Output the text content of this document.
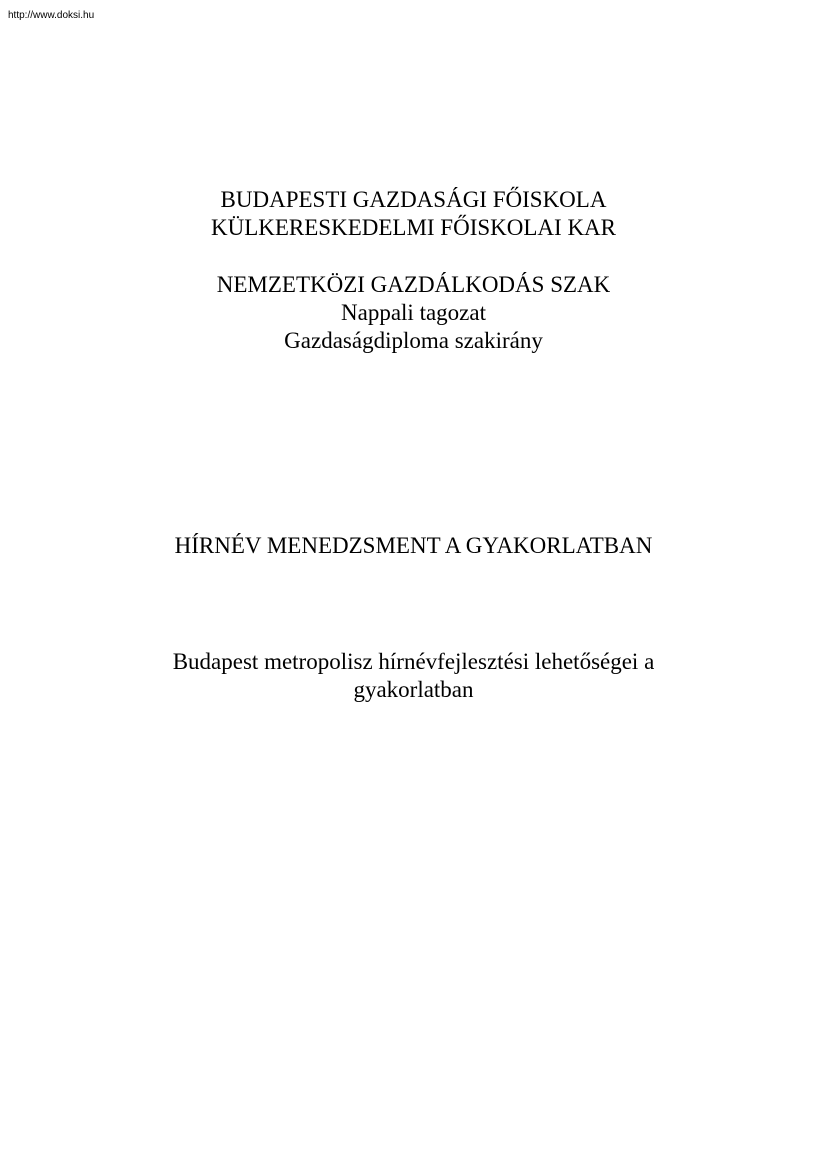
http://www.doksi.hu
BUDAPESTI GAZDASÁGI FŐISKOLA
KÜLKERESKEDELMI FŐISKOLAI KAR
NEMZETKÖZI GAZDÁLKODÁS SZAK
Nappali tagozat
Gazdaságdiploma szakirány
HÍRNÉV MENEDZSMENT A GYAKORLATBAN
Budapest metropolisz hírnévfejlesztési lehetőségei a
gyakorlatban
